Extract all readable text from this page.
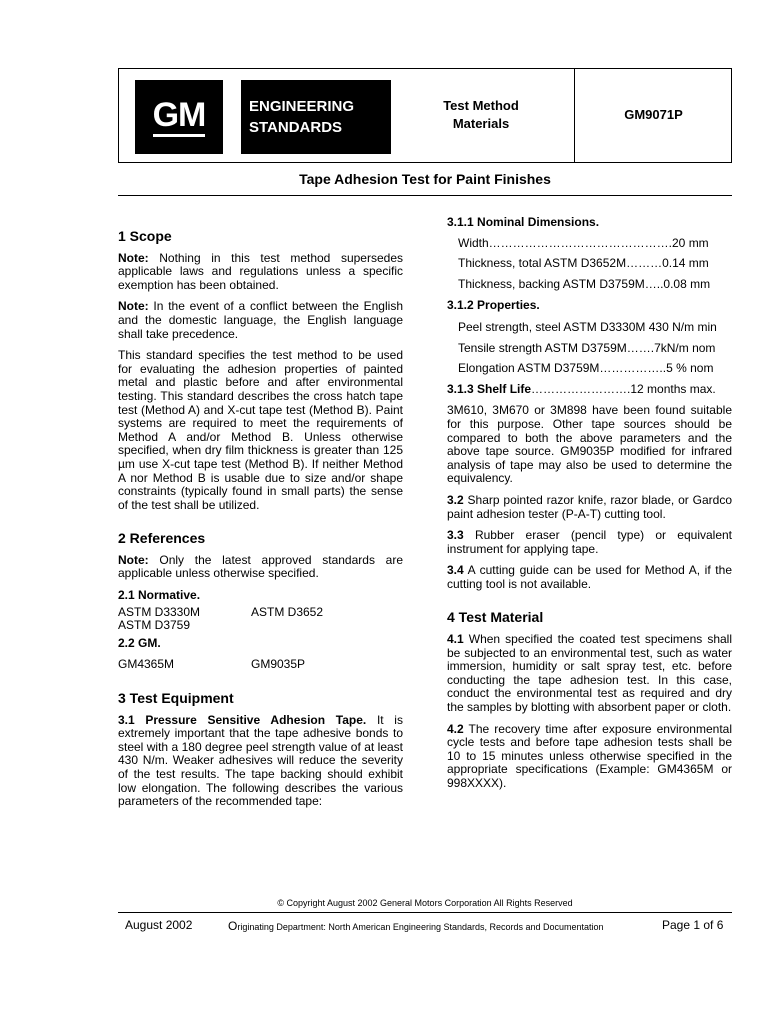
GM	ENGINEERING
STANDARDS
Test Method
Materials
GM9071P
Tape Adhesion Test for Paint Finishes
1 Scope

Note: Nothing in this test method supersedes applicable laws and regulations unless a specific exemption has been obtained.

Note: In the event of a conflict between the English and the domestic language, the English language shall take precedence.

This standard specifies the test method to be used for evaluating the adhesion properties of painted metal and plastic before and after environmental testing. This standard describes the cross hatch tape test (Method A) and X-cut tape test (Method B). Paint systems are required to meet the requirements of Method A and/or Method B. Unless otherwise specified, when dry film thickness is greater than 125 µm use X-cut tape test (Method B). If neither Method A nor Method B is usable due to size and/or shape constraints (typically found in small parts) the sense of the test shall be utilized.

2 References

Note: Only the latest approved standards are applicable unless otherwise specified.

2.1 Normative.
ASTM D3330M	ASTM D3652
ASTM D3759
2.2 GM.
GM4365M	GM9035P
3 Test Equipment

3.1 Pressure Sensitive Adhesion Tape. It is extremely important that the tape adhesive bonds to steel with a 180 degree peel strength value of at least 430 N/m. Weaker adhesives will reduce the severity of the test results. The tape backing should exhibit low elongation. The following describes the various parameters of the recommended tape:

3.1.1 Nominal Dimensions.
Width……………………………………….20 mm
Thickness, total ASTM D3652M………0.14 mm
Thickness, backing ASTM D3759M…..0.08 mm
3.1.2 Properties.
Peel strength, steel ASTM D3330M 430 N/m min
Tensile strength ASTM D3759M…….7kN/m nom
Elongation ASTM D3759M……………..5 % nom
3.1.3 Shelf Life…………………….12 months max.

3M610, 3M670 or 3M898 have been found suitable for this purpose. Other tape sources should be compared to both the above parameters and the above tape source. GM9035P modified for infrared analysis of tape may also be used to determine the equivalency.

3.2 Sharp pointed razor knife, razor blade, or Gardco paint adhesion tester (P-A-T) cutting tool.

3.3 Rubber eraser (pencil type) or equivalent instrument for applying tape.

3.4 A cutting guide can be used for Method A, if the cutting tool is not available.

4 Test Material

4.1 When specified the coated test specimens shall be subjected to an environmental test, such as water immersion, humidity or salt spray test, etc. before conducting the tape adhesion test. In this case, conduct the environmental test as required and dry the samples by blotting with absorbent paper or cloth.

4.2 The recovery time after exposure environmental cycle tests and before tape adhesion tests shall be 10 to 15 minutes unless otherwise specified in the appropriate specifications (Example: GM4365M or 998XXXX).

© Copyright August 2002 General Motors Corporation All Rights Reserved
August 2002	Originating Department: North American Engineering Standards, Records and Documentation	Page 1 of 6
